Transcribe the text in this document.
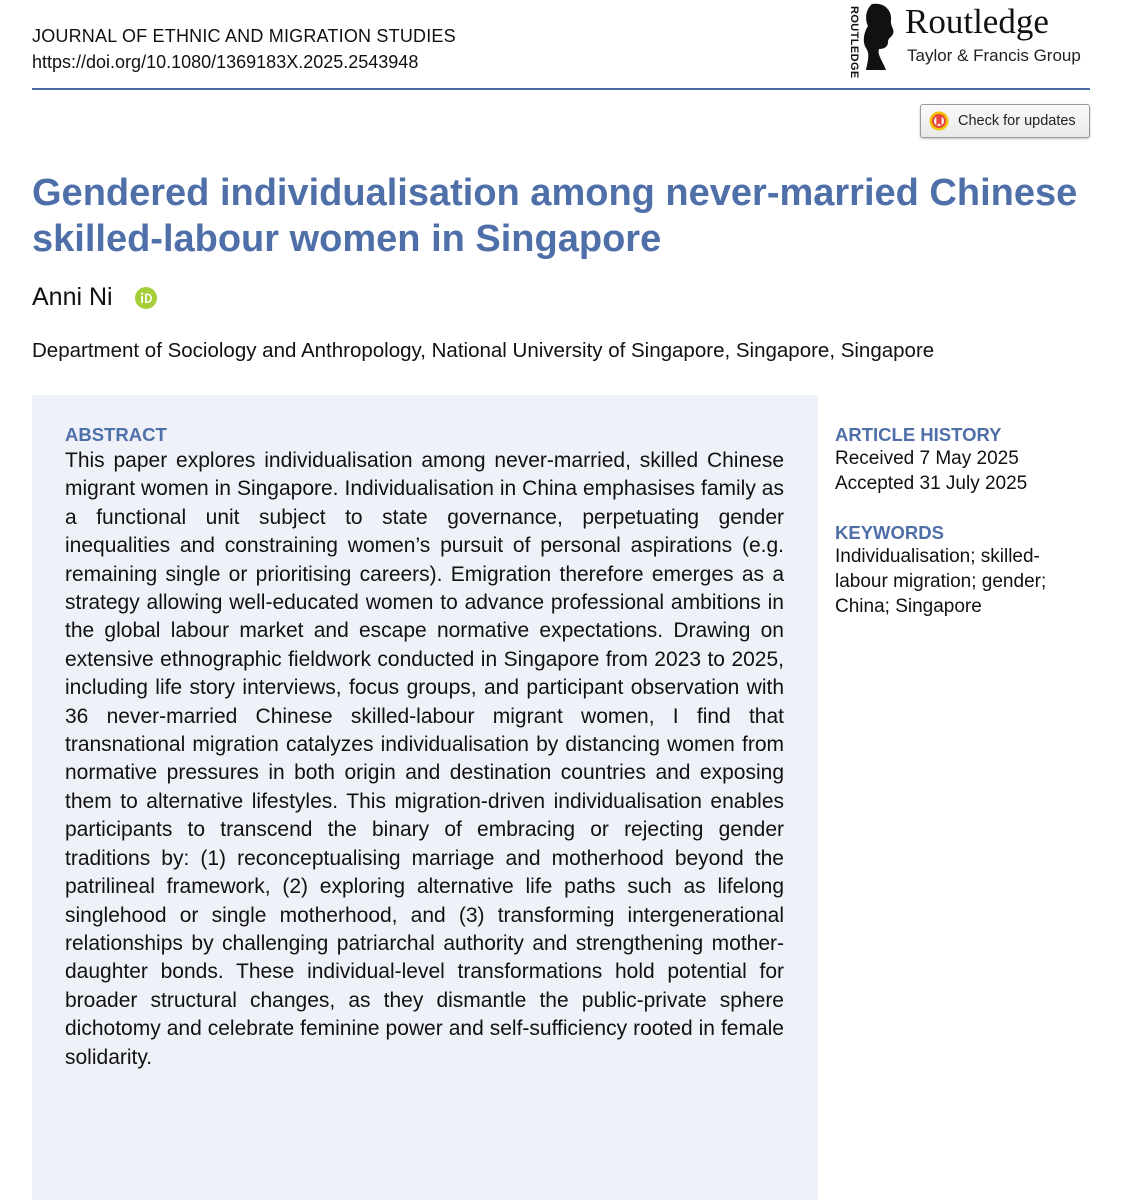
JOURNAL OF ETHNIC AND MIGRATION STUDIES
https://doi.org/10.1080/1369183X.2025.2543948	ROUTLEDGE Routledge
Taylor & Francis Group
Check for updates
Gendered individualisation among never-married Chinese skilled-labour women in Singapore
Anni Ni
Department of Sociology and Anthropology, National University of Singapore, Singapore, Singapore
ABSTRACT

This paper explores individualisation among never-married, skilled Chinese migrant women in Singapore. Individualisation in China emphasises family as a functional unit subject to state governance, perpetuating gender inequalities and constraining women’s pursuit of personal aspirations (e.g. remaining single or prioritising careers). Emigration therefore emerges as a strategy allowing well-educated women to advance professional ambitions in the global labour market and escape normative expectations. Drawing on extensive ethnographic fieldwork conducted in Singapore from 2023 to 2025, including life story interviews, focus groups, and participant observation with 36 never-married Chinese skilled-labour migrant women, I find that transnational migration catalyzes individualisation by distancing women from normative pressures in both origin and destination countries and exposing them to alternative lifestyles. This migration-driven individualisation enables participants to transcend the binary of embracing or rejecting gender traditions by: (1) reconceptualising marriage and motherhood beyond the patrilineal framework, (2) exploring alternative life paths such as lifelong singlehood or single motherhood, and (3) transforming intergenerational relationships by challenging patriarchal authority and strengthening mother-daughter bonds. These individual-level transformations hold potential for broader structural changes, as they dismantle the public-private sphere dichotomy and celebrate feminine power and self-sufficiency rooted in female solidarity.

ARTICLE HISTORY
Received 7 May 2025
Accepted 31 July 2025
KEYWORDS
Individualisation; skilled-labour migration; gender; China; Singapore
